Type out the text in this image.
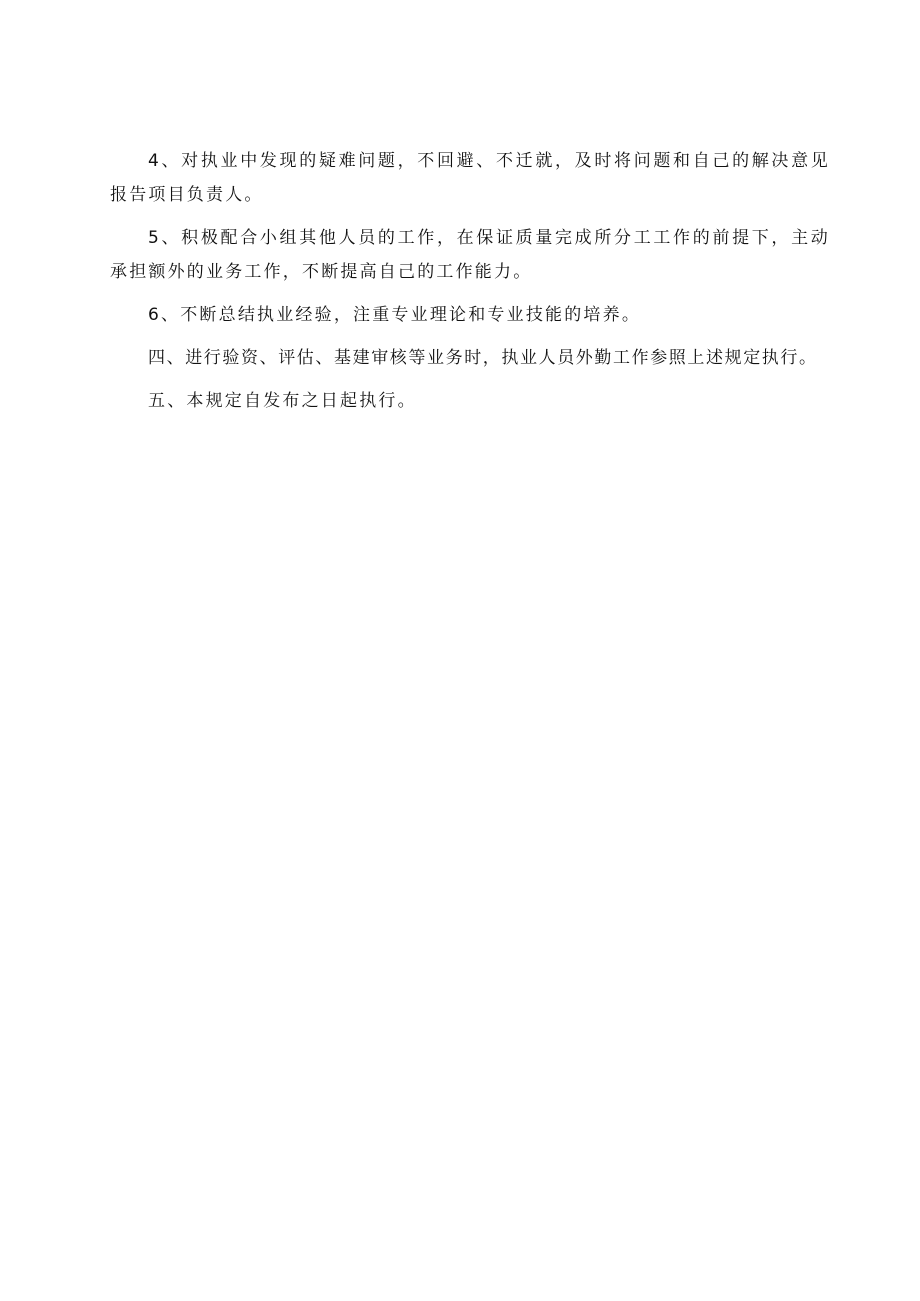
4、对执业中发现的疑难问题，不回避、不迁就，及时将问题和自己的解决意见报告项目负责人。

5、积极配合小组其他人员的工作，在保证质量完成所分工工作的前提下，主动承担额外的业务工作，不断提高自己的工作能力。

6、不断总结执业经验，注重专业理论和专业技能的培养。

四、进行验资、评估、基建审核等业务时，执业人员外勤工作参照上述规定执行。

五、本规定自发布之日起执行。
